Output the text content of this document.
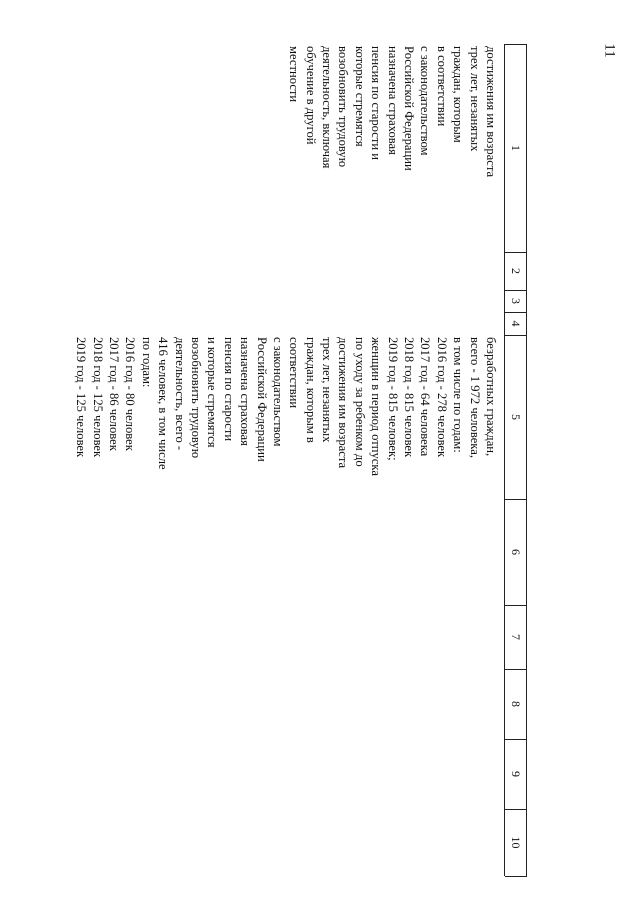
11
1
2
3
4
5
6
7
8
9
10
достижения им возраста
трех лет, незанятых
граждан, которым
в соответствии
с законодательством
Российской Федерации
назначена страховая
пенсия по старости и
которые стремятся
возобновить трудовую
деятельность, включая
обучение в другой
местности
безработных граждан,
всего - 1 972 человека,
в том числе по годам:
2016 год - 278 человек
2017 год - 64 человека
2018 год - 815 человек
2019 год - 815 человек;
женщин в период отпуска
по уходу за ребенком до
достижения им возраста
трех лет, незанятых
граждан, которым в
соответствии
с законодательством
Российской Федерации
назначена страховая
пенсия по старости
и которые стремятся
возобновить трудовую
деятельность, всего -
416 человек, в том числе
по годам:
2016 год - 80 человек
2017 год - 86 человек
2018 год - 125 человек
2019 год - 125 человек
